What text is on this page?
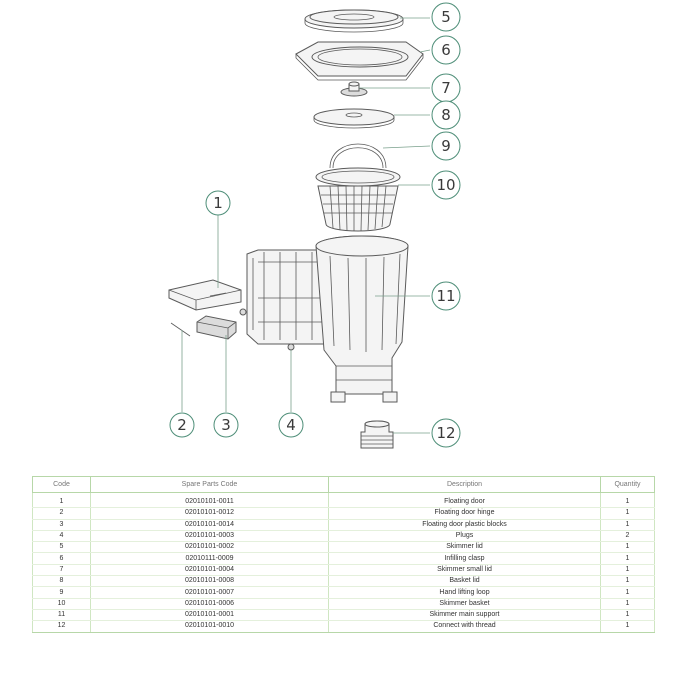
5
6
7
8
9
10
11
1
2 3	4	12
Code	Spare Parts Code	Description	Quantity

1	02010101-0011	Floating door	1
2	02010101-0012	Floating door hinge	1
3	02010101-0014	Floating door plastic blocks	1
4	02010101-0003	Plugs	2
5	02010101-0002	Skimmer lid	1
6	02010111-0009	Infilling clasp	1
7	02010101-0004	Skimmer small lid	1
8	02010101-0008	Basket lid	1
9	02010101-0007	Hand lifting loop	1
10	02010101-0006	Skimmer basket	1
11	02010101-0001	Skimmer main support	1
12	02010101-0010	Connect with thread	1
